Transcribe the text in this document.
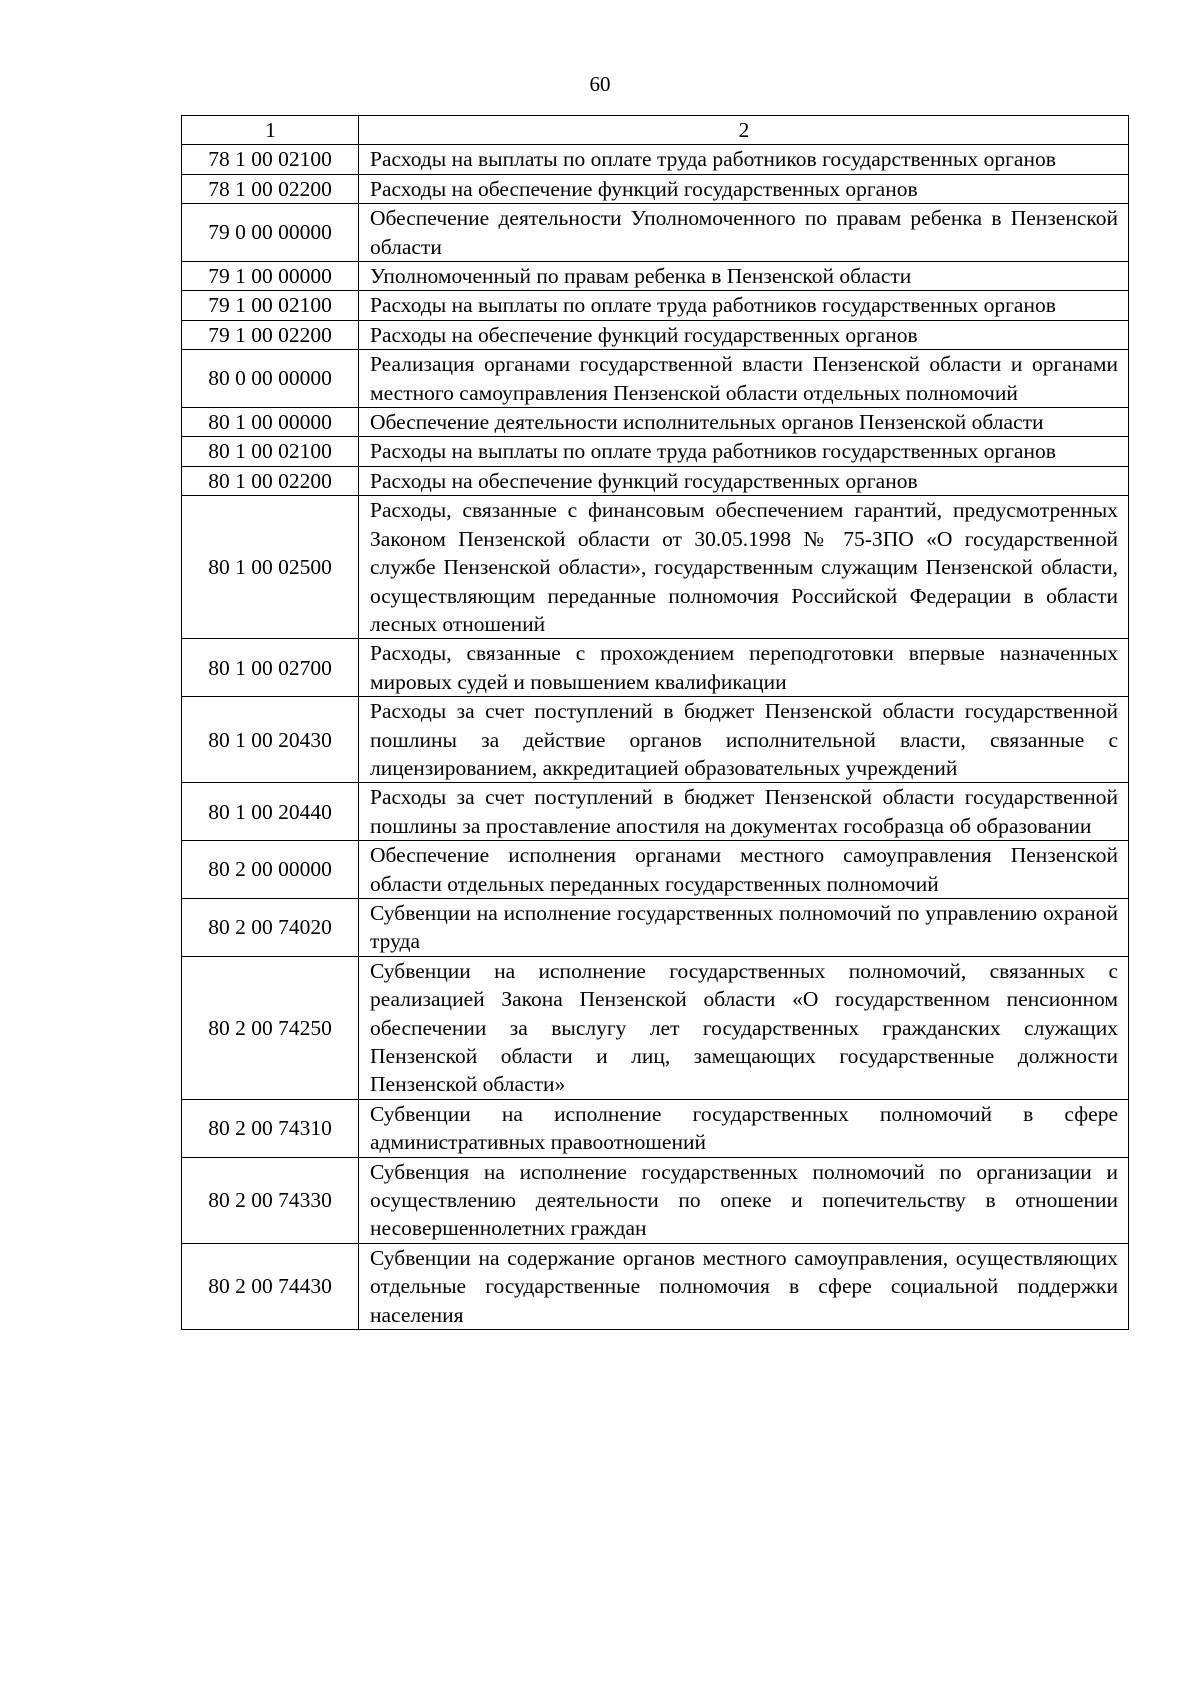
60
1	2
78 1 00 02100	Расходы на выплаты по оплате труда работников государственных органов
78 1 00 02200	Расходы на обеспечение функций государственных органов
79 0 00 00000	Обеспечение деятельности Уполномоченного по правам ребенка в Пензенской области
79 1 00 00000	Уполномоченный по правам ребенка в Пензенской области
79 1 00 02100	Расходы на выплаты по оплате труда работников государственных органов
79 1 00 02200	Расходы на обеспечение функций государственных органов
80 0 00 00000	Реализация органами государственной власти Пензенской области и органами местного самоуправления Пензенской области отдельных полномочий
80 1 00 00000	Обеспечение деятельности исполнительных органов Пензенской области
80 1 00 02100	Расходы на выплаты по оплате труда работников государственных органов
80 1 00 02200	Расходы на обеспечение функций государственных органов
80 1 00 02500	Расходы, связанные с финансовым обеспечением гарантий, предусмотренных Законом Пензенской области от 30.05.1998 № 75-ЗПО «О государственной службе Пензенской области», государственным служащим Пензенской области, осуществляющим переданные полномочия Российской Федерации в области лесных отношений
80 1 00 02700	Расходы, связанные с прохождением переподготовки впервые назначенных мировых судей и повышением квалификации
80 1 00 20430	Расходы за счет поступлений в бюджет Пензенской области государственной пошлины за действие органов исполнительной власти, связанные с лицензированием, аккредитацией образовательных учреждений
80 1 00 20440	Расходы за счет поступлений в бюджет Пензенской области государственной пошлины за проставление апостиля на документах гособразца об образовании
80 2 00 00000	Обеспечение исполнения органами местного самоуправления Пензенской области отдельных переданных государственных полномочий
80 2 00 74020	Субвенции на исполнение государственных полномочий по управлению охраной труда
80 2 00 74250	Субвенции на исполнение государственных полномочий, связанных с реализацией Закона Пензенской области «О государственном пенсионном обеспечении за выслугу лет государственных гражданских служащих Пензенской области и лиц, замещающих государственные должности Пензенской области»
80 2 00 74310	Субвенции на исполнение государственных полномочий в сфере административных правоотношений
80 2 00 74330	Субвенция на исполнение государственных полномочий по организации и осуществлению деятельности по опеке и попечительству в отношении несовершеннолетних граждан
80 2 00 74430	Субвенции на содержание органов местного самоуправления, осуществляющих отдельные государственные полномочия в сфере социальной поддержки населения
